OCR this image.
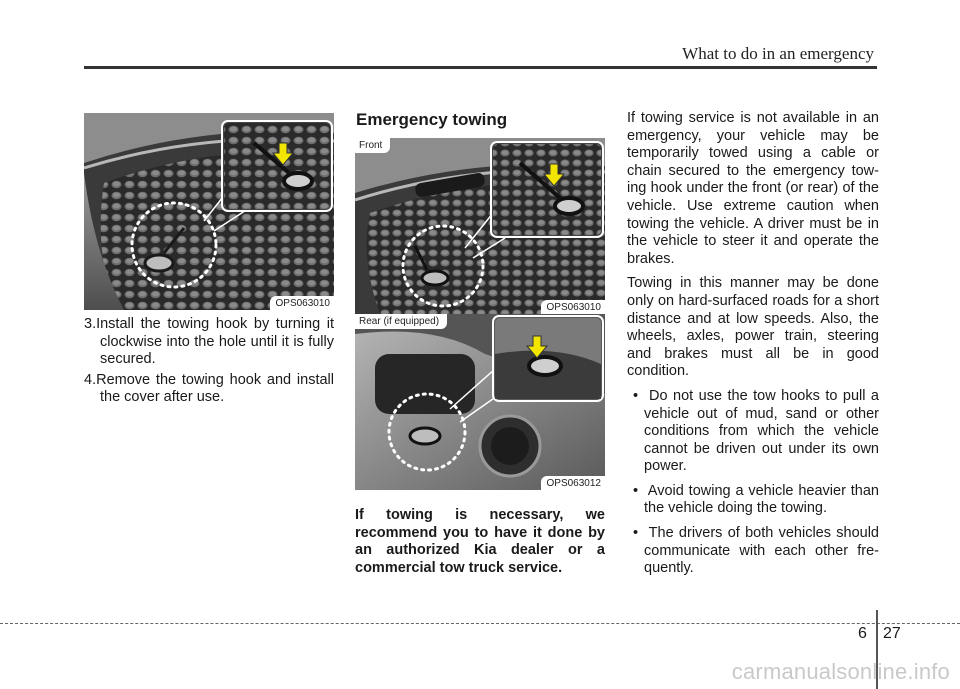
What to do in an emergency
OPS063010

3.Install the towing hook by turning it clockwise into the hole until it is fully secured.

4.Remove the towing hook and install the cover after use.

Emergency towing
Front
OPS063010
Rear (if equipped)
OPS063012
If towing is necessary, we recommend you to have it done by an authorized Kia dealer or a commercial tow truck service.

If towing service is not available in an emergency, your vehicle may be temporarily towed using a cable or chain secured to the emergency towing hook under the front (or rear) of the vehicle. Use extreme caution when towing the vehicle. A driver must be in the vehicle to steer it and operate the brakes.

Towing in this manner may be done only on hard-surfaced roads for a short distance and at low speeds. Also, the wheels, axles, power train, steering and brakes must all be in good condition.

•  Do not use the tow hooks to pull a vehicle out of mud, sand or other conditions from which the vehicle cannot be driven out under its own power.

•  Avoid towing a vehicle heavier than the vehicle doing the towing.

•  The drivers of both vehicles should communicate with each other frequently.

6 27
carmanualsonline.info
